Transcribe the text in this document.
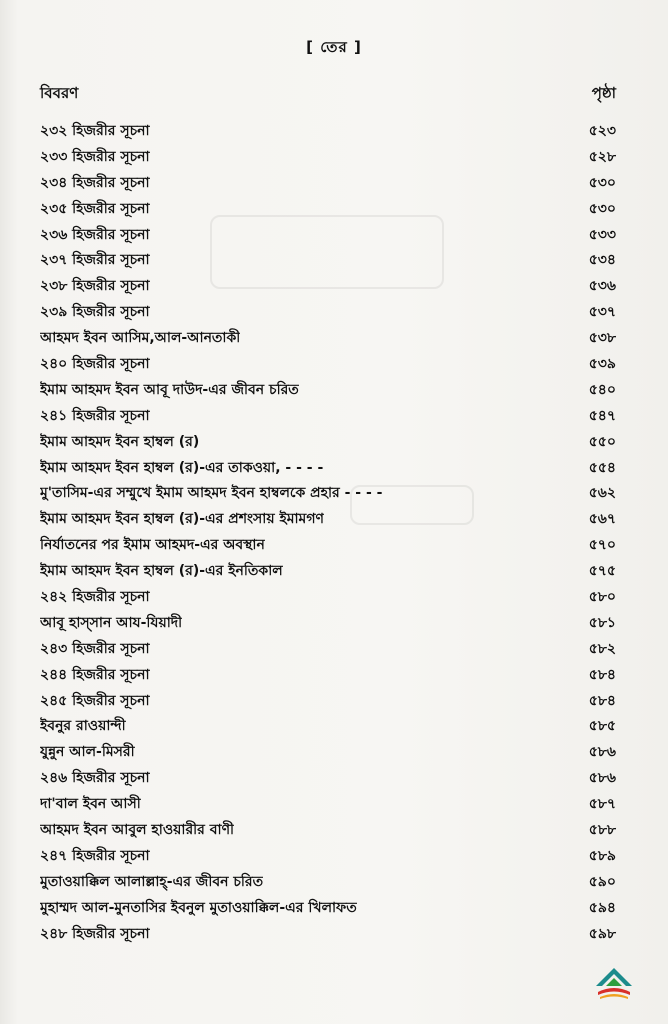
[ তের ]
বিবরণ	পৃষ্ঠা
২৩২ হিজরীর সূচনা	৫২৩
২৩৩ হিজরীর সূচনা	৫২৮
২৩৪ হিজরীর সূচনা	৫৩০
২৩৫ হিজরীর সূচনা	৫৩০
২৩৬ হিজরীর সূচনা	৫৩৩
২৩৭ হিজরীর সূচনা	৫৩৪
২৩৮ হিজরীর সূচনা	৫৩৬
২৩৯ হিজরীর সূচনা	৫৩৭
আহমদ ইবন আসিম,আল-আনতাকী	৫৩৮
২৪০ হিজরীর সূচনা	৫৩৯
ইমাম আহমদ ইবন আবূ দাউদ-এর জীবন চরিত	৫৪০
২৪১ হিজরীর সূচনা	৫৪৭
ইমাম আহমদ ইবন হাম্বল (র)	৫৫০
ইমাম আহমদ ইবন হাম্বল (র)-এর তাকওয়া, - - - -	৫৫৪
মু'তাসিম-এর সম্মুখে ইমাম আহমদ ইবন হাম্বলকে প্রহার - - - -	৫৬২
ইমাম আহমদ ইবন হাম্বল (র)-এর প্রশংসায় ইমামগণ	৫৬৭
নির্যাতনের পর ইমাম আহমদ-এর অবস্থান	৫৭০
ইমাম আহমদ ইবন হাম্বল (র)-এর ইনতিকাল	৫৭৫
২৪২ হিজরীর সূচনা	৫৮০
আবূ হাস্সান আয-যিয়াদী	৫৮১
২৪৩ হিজরীর সূচনা	৫৮২
২৪৪ হিজরীর সূচনা	৫৮৪
২৪৫ হিজরীর সূচনা	৫৮৪
ইবনুর রাওয়ান্দী	৫৮৫
যুন্নুন আল-মিসরী	৫৮৬
২৪৬ হিজরীর সূচনা	৫৮৬
দা'বাল ইবন আসী	৫৮৭
আহমদ ইবন আবুল হাওয়ারীর বাণী	৫৮৮
২৪৭ হিজরীর সূচনা	৫৮৯
মুতাওয়াক্কিল আলাল্লাহ্-এর জীবন চরিত	৫৯০
মুহাম্মদ আল-মুনতাসির ইবনুল মুতাওয়াক্কিল-এর খিলাফত	৫৯৪
২৪৮ হিজরীর সূচনা	৫৯৮
